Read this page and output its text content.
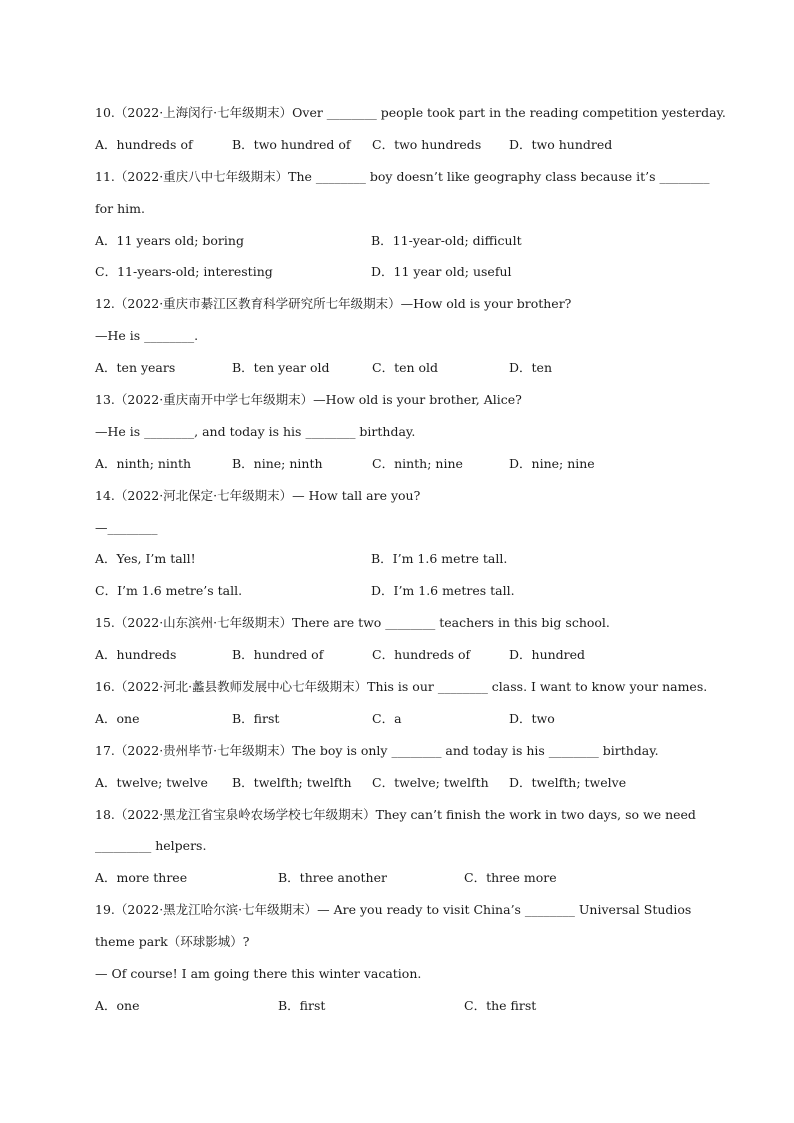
10.（2022·上海闵行·七年级期末）Over ________ people took part in the reading competition yesterday.
A．hundreds of	B．two hundred of C．two hundreds D．two hundred
11.（2022·重庆八中七年级期末）The ________ boy doesn’t like geography class because it’s ________
for him.
A．11 years old; boring	B．11-year-old; difficult
C．11-years-old; interesting	D．11 year old; useful
12.（2022·重庆市綦江区教育科学研究所七年级期末）—How old is your brother?
—He is ________.
A．ten years	B．ten year old	C．ten old	D．ten
13.（2022·重庆南开中学七年级期末）—How old is your brother, Alice?
—He is ________, and today is his ________ birthday.
A．ninth; ninth	B．nine; ninth	C．ninth; nine	D．nine; nine
14.（2022·河北保定·七年级期末）— How tall are you?
—________
A．Yes, I’m tall!	B．I’m 1.6 metre tall.
C．I’m 1.6 metre’s tall.	D．I’m 1.6 metres tall.
15.（2022·山东滨州·七年级期末）There are two ________ teachers in this big school.
A．hundreds	B．hundred of	C．hundreds of	D．hundred
16.（2022·河北·蠡县教师发展中心七年级期末）This is our ________ class. I want to know your names.
A．one	B．first	C．a	D．two
17.（2022·贵州毕节·七年级期末）The boy is only ________ and today is his ________ birthday.
A．twelve; twelve B．twelfth; twelfth C．twelve; twelfth D．twelfth; twelve
18.（2022·黑龙江省宝泉岭农场学校七年级期末）They can’t finish the work in two days, so we need
_________ helpers.
A．more three	B．three another	C．three more
19.（2022·黑龙江哈尔滨·七年级期末）— Are you ready to visit China’s ________ Universal Studios
theme park（环球影城）?
— Of course! I am going there this winter vacation.
A．one	B．first	C．the first
